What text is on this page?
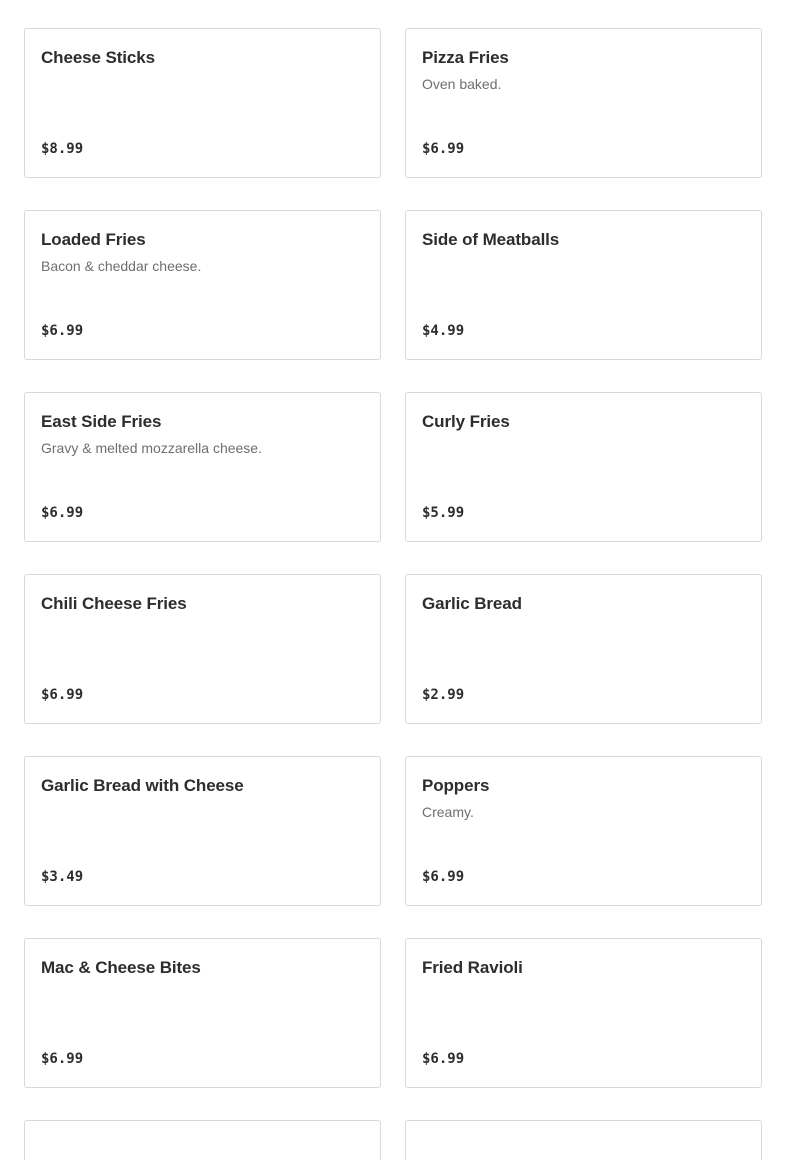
Cheese Sticks
$8.99
Pizza Fries
Oven baked.
$6.99
Loaded Fries
Bacon & cheddar cheese.
$6.99
Side of Meatballs
$4.99
East Side Fries
Gravy & melted mozzarella cheese.
$6.99
Curly Fries
$5.99
Chili Cheese Fries
$6.99
Garlic Bread
$2.99
Garlic Bread with Cheese
$3.49
Poppers
Creamy.
$6.99
Mac & Cheese Bites
$6.99
Fried Ravioli
$6.99
